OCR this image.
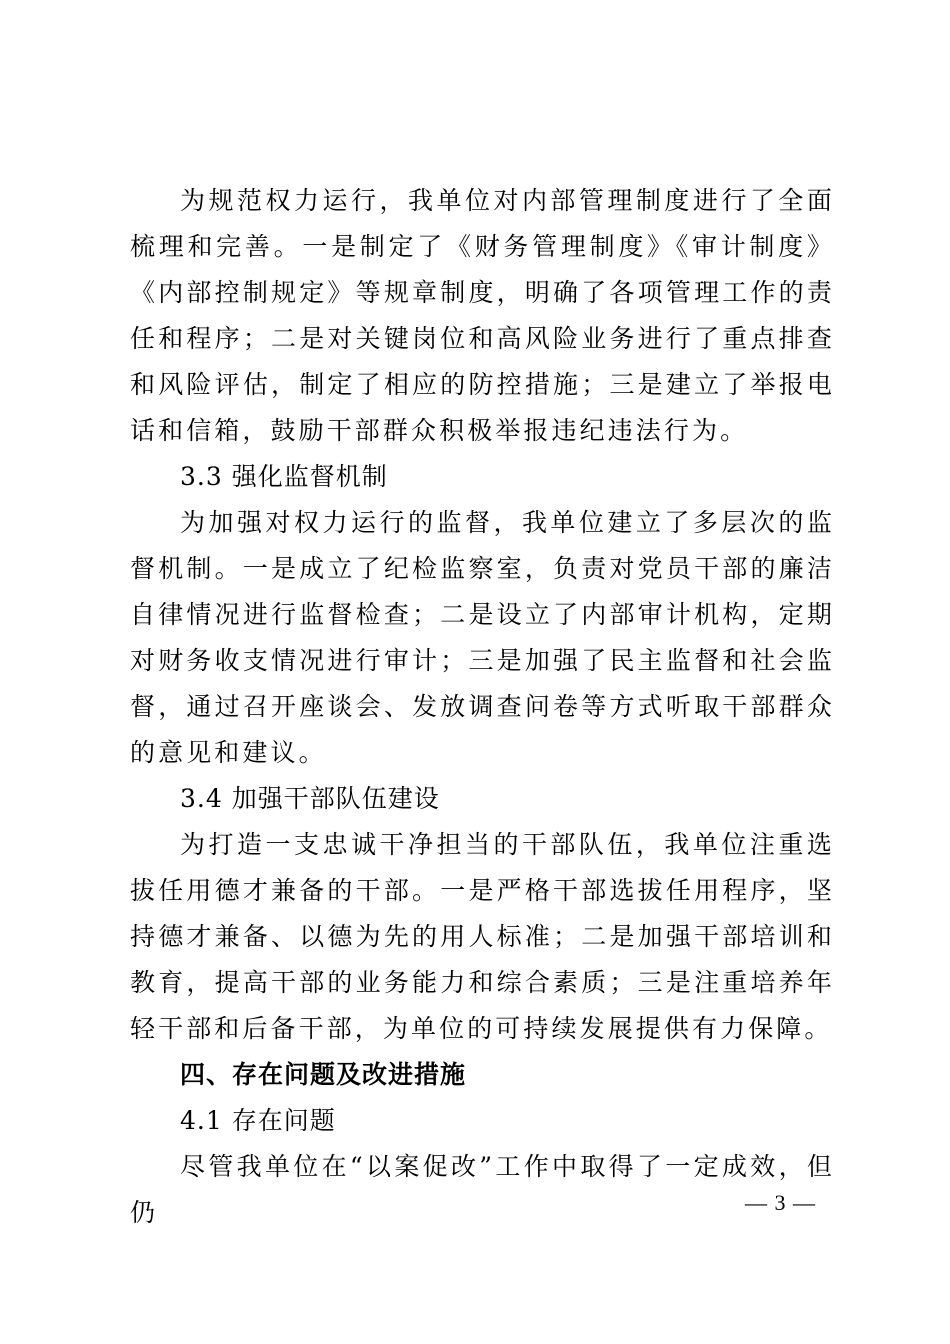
为规范权力运行，我单位对内部管理制度进行了全面梳理和完善。一是制定了《财务管理制度》《审计制度》《内部控制规定》等规章制度，明确了各项管理工作的责任和程序；二是对关键岗位和高风险业务进行了重点排查和风险评估，制定了相应的防控措施；三是建立了举报电话和信箱，鼓励干部群众积极举报违纪违法行为。

3.3 强化监督机制

为加强对权力运行的监督，我单位建立了多层次的监督机制。一是成立了纪检监察室，负责对党员干部的廉洁自律情况进行监督检查；二是设立了内部审计机构，定期对财务收支情况进行审计；三是加强了民主监督和社会监督，通过召开座谈会、发放调查问卷等方式听取干部群众的意见和建议。

3.4 加强干部队伍建设

为打造一支忠诚干净担当的干部队伍，我单位注重选拔任用德才兼备的干部。一是严格干部选拔任用程序，坚持德才兼备、以德为先的用人标准；二是加强干部培训和教育，提高干部的业务能力和综合素质；三是注重培养年轻干部和后备干部，为单位的可持续发展提供有力保障。

四、存在问题及改进措施

4.1 存在问题

尽管我单位在“以案促改”工作中取得了一定成效，但仍	— 3 —
